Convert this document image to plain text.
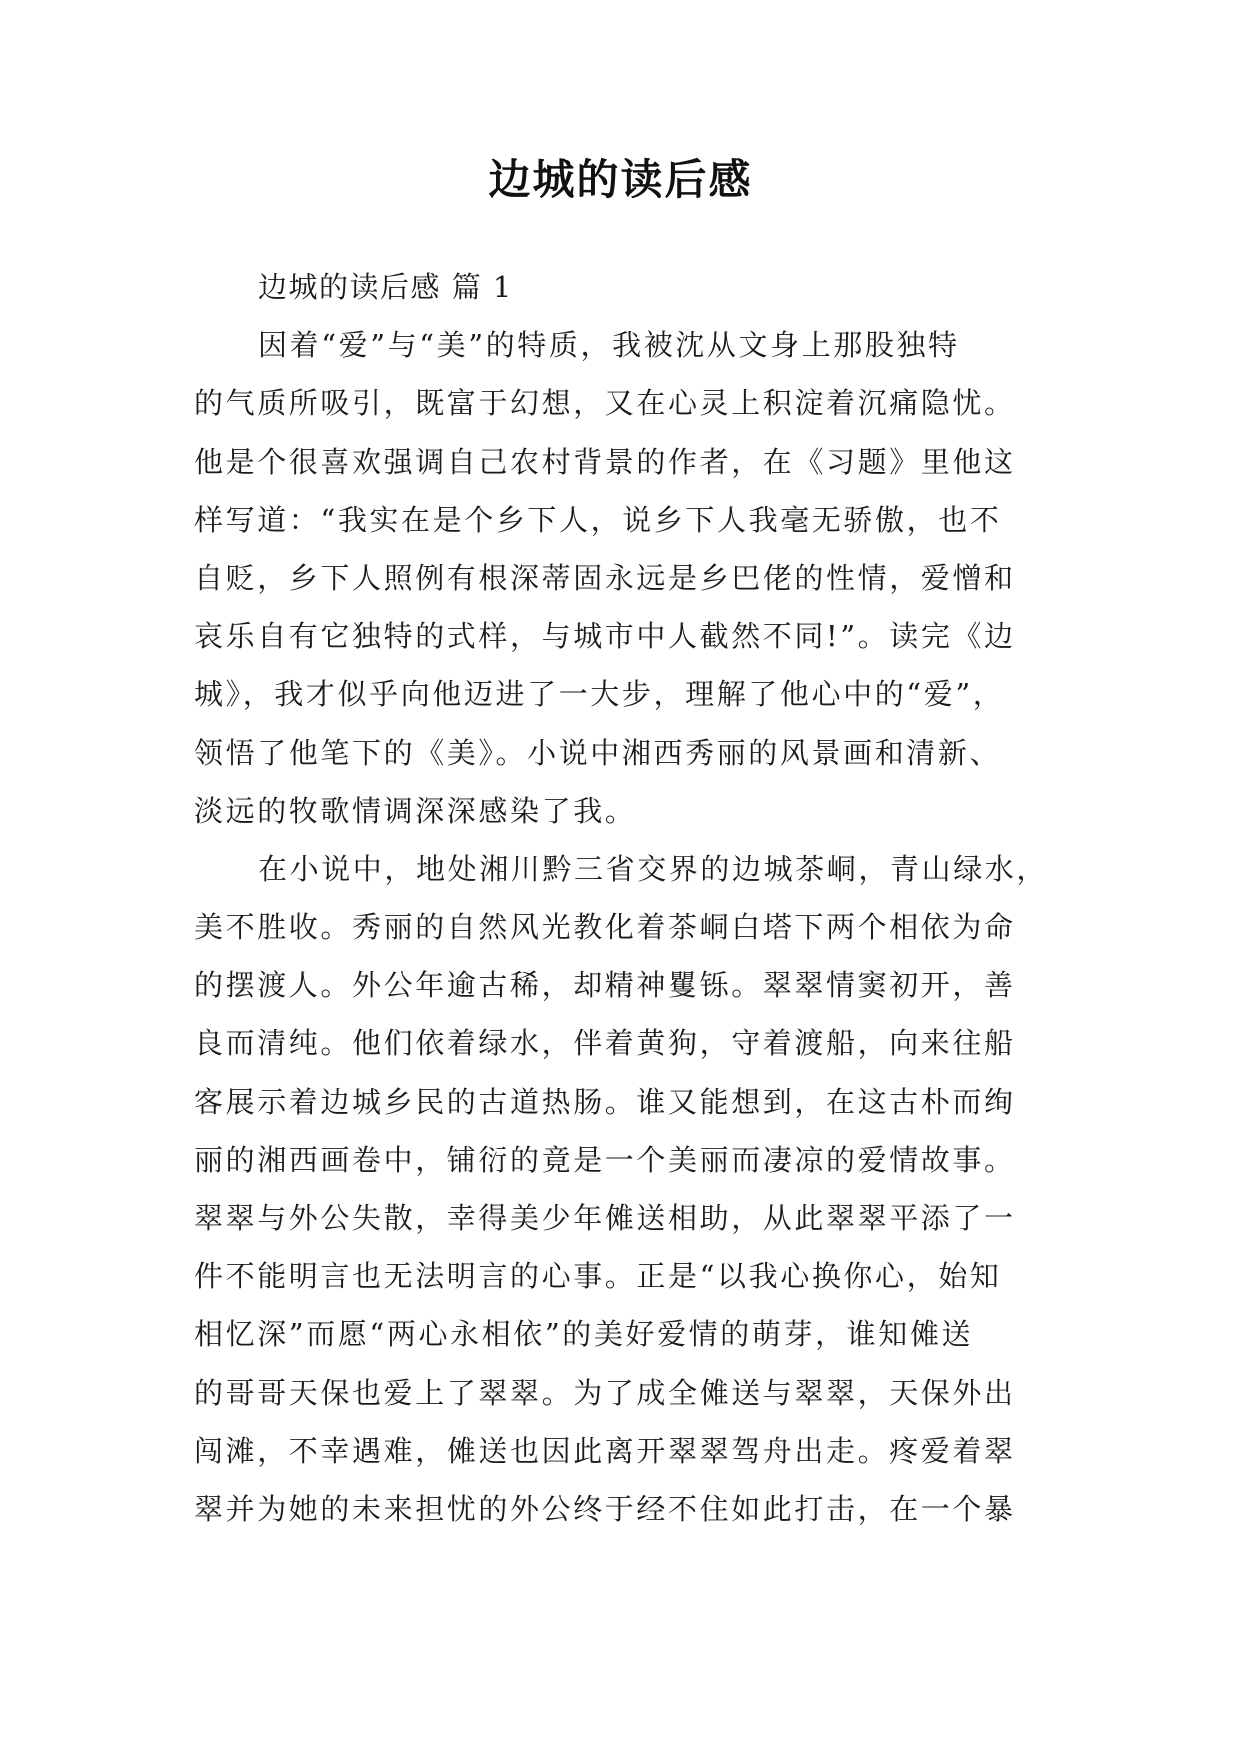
边城的读后感
边城的读后感 篇 1
因着“爱”与“美”的特质，我被沈从文身上那股独特
的气质所吸引，既富于幻想，又在心灵上积淀着沉痛隐忧。
他是个很喜欢强调自己农村背景的作者，在《习题》里他这
样写道：“我实在是个乡下人，说乡下人我毫无骄傲，也不
自贬，乡下人照例有根深蒂固永远是乡巴佬的性情，爱憎和
哀乐自有它独特的式样，与城市中人截然不同!”。读完《边
城》，我才似乎向他迈进了一大步，理解了他心中的“爱”，
领悟了他笔下的《美》。小说中湘西秀丽的风景画和清新、
淡远的牧歌情调深深感染了我。
在小说中，地处湘川黔三省交界的边城茶峒，青山绿水，
美不胜收。秀丽的自然风光教化着茶峒白塔下两个相依为命
的摆渡人。外公年逾古稀，却精神矍铄。翠翠情窦初开，善
良而清纯。他们依着绿水，伴着黄狗，守着渡船，向来往船
客展示着边城乡民的古道热肠。谁又能想到，在这古朴而绚
丽的湘西画卷中，铺衍的竟是一个美丽而凄凉的爱情故事。
翠翠与外公失散，幸得美少年傩送相助，从此翠翠平添了一
件不能明言也无法明言的心事。正是“以我心换你心，始知
相忆深”而愿“两心永相依”的美好爱情的萌芽，谁知傩送
的哥哥天保也爱上了翠翠。为了成全傩送与翠翠，天保外出
闯滩，不幸遇难，傩送也因此离开翠翠驾舟出走。疼爱着翠
翠并为她的未来担忧的外公终于经不住如此打击，在一个暴
